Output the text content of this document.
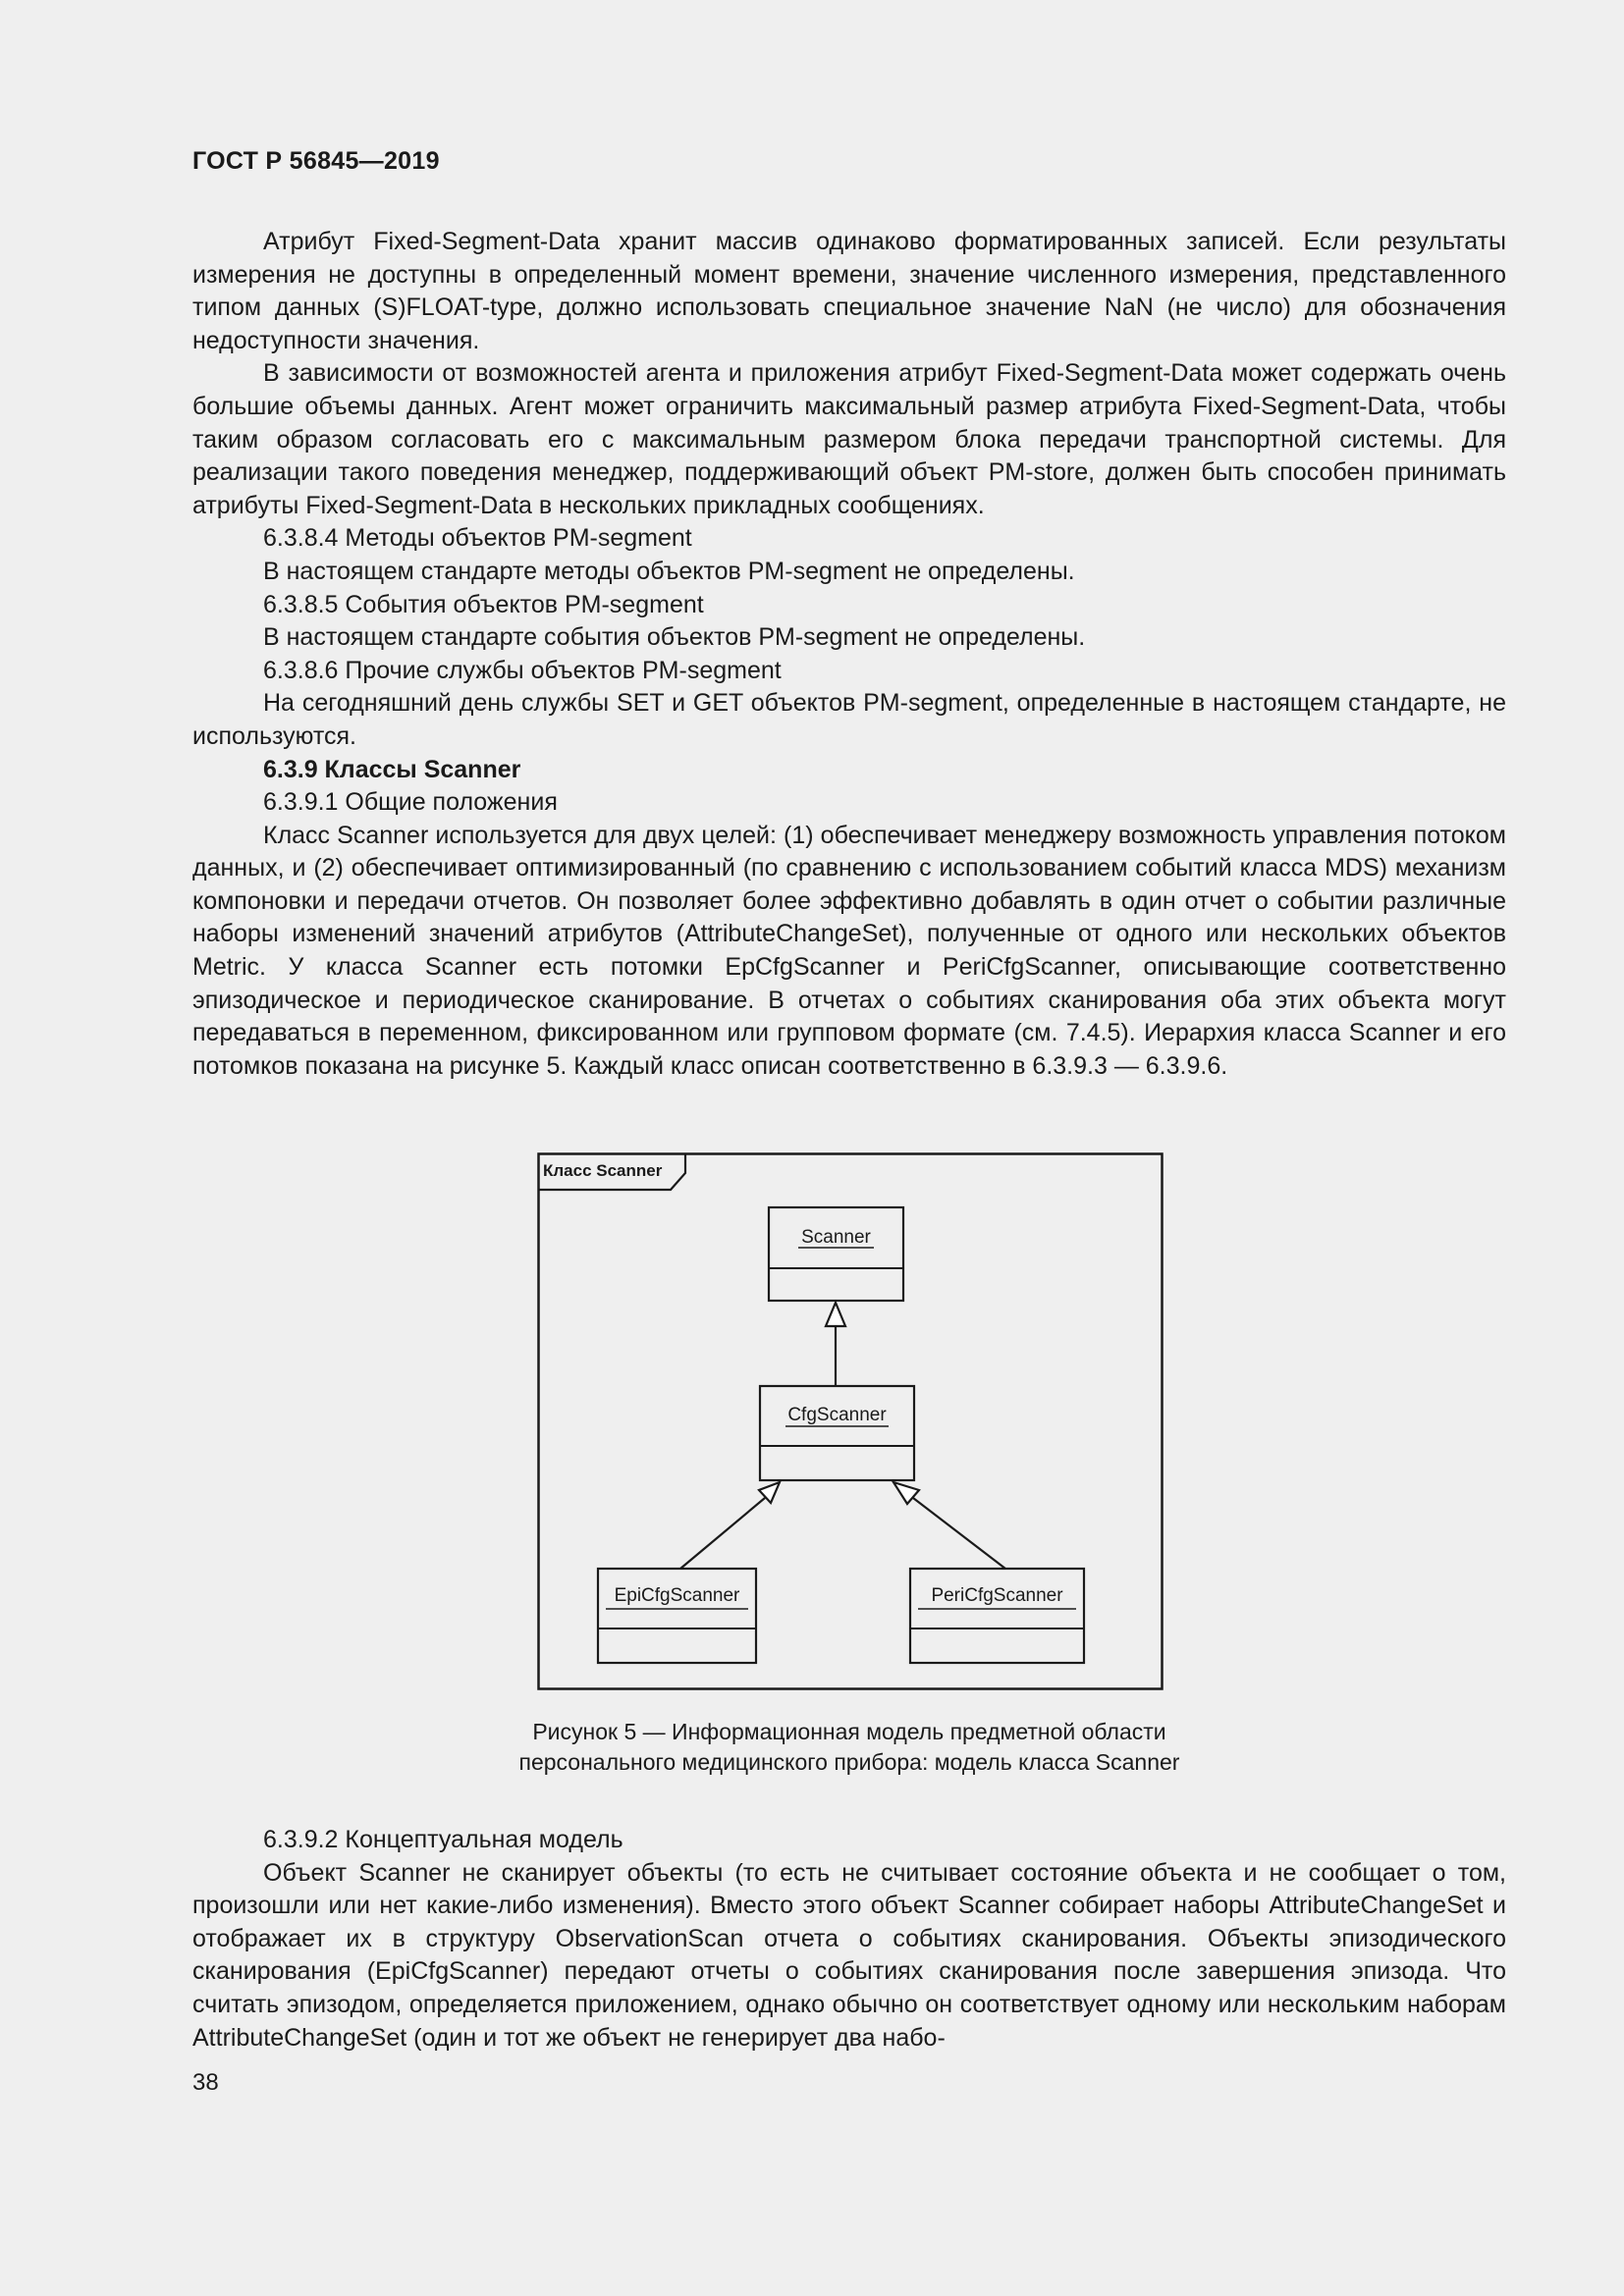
ГОСТ Р 56845—2019

Атрибут Fixed-Segment-Data хранит массив одинаково форматированных записей. Если результаты измерения не доступны в определенный момент времени, значение численного измерения, представленного типом данных (S)FLOAT-type, должно использовать специальное значение NaN (не число) для обозначения недоступности значения.

В зависимости от возможностей агента и приложения атрибут Fixed-Segment-Data может содержать очень большие объемы данных. Агент может ограничить максимальный размер атрибута Fixed-Segment-Data, чтобы таким образом согласовать его с максимальным размером блока передачи транспортной системы. Для реализации такого поведения менеджер, поддерживающий объект PM-store, должен быть способен принимать атрибуты Fixed-Segment-Data в нескольких прикладных сообщениях.

6.3.8.4 Методы объектов PM-segment

В настоящем стандарте методы объектов PM-segment не определены.

6.3.8.5 События объектов PM-segment

В настоящем стандарте события объектов PM-segment не определены.

6.3.8.6 Прочие службы объектов PM-segment

На сегодняшний день службы SET и GET объектов PM-segment, определенные в настоящем стандарте, не используются.

6.3.9 Классы Scanner

6.3.9.1 Общие положения

Класс Scanner используется для двух целей: (1) обеспечивает менеджеру возможность управления потоком данных, и (2) обеспечивает оптимизированный (по сравнению с использованием событий класса MDS) механизм компоновки и передачи отчетов. Он позволяет более эффективно добавлять в один отчет о событии различные наборы изменений значений атрибутов (AttributeChangeSet), полученные от одного или нескольких объектов Metric. У класса Scanner есть потомки EpCfgScanner и PeriCfgScanner, описывающие соответственно эпизодическое и периодическое сканирование. В отчетах о событиях сканирования оба этих объекта могут передаваться в переменном, фиксированном или групповом формате (см. 7.4.5). Иерархия класса Scanner и его потомков показана на рисунке 5. Каждый класс описан соответственно в 6.3.9.3 — 6.3.9.6.

Класс Scanner
Scanner
CfgScanner
EpiCfgScanner	PeriCfgScanner
Рисунок 5 — Информационная модель предметной области
персонального медицинского прибора: модель класса Scanner

6.3.9.2 Концептуальная модель

Объект Scanner не сканирует объекты (то есть не считывает состояние объекта и не сообщает о том, произошли или нет какие-либо изменения). Вместо этого объект Scanner собирает наборы AttributeChangeSet и отображает их в структуру ObservationScan отчета о событиях сканирования. Объекты эпизодического сканирования (EpiCfgScanner) передают отчеты о событиях сканирования после завершения эпизода. Что считать эпизодом, определяется приложением, однако обычно он соответствует одному или нескольким наборам AttributeChangeSet (один и тот же объект не генерирует два набо-

38
